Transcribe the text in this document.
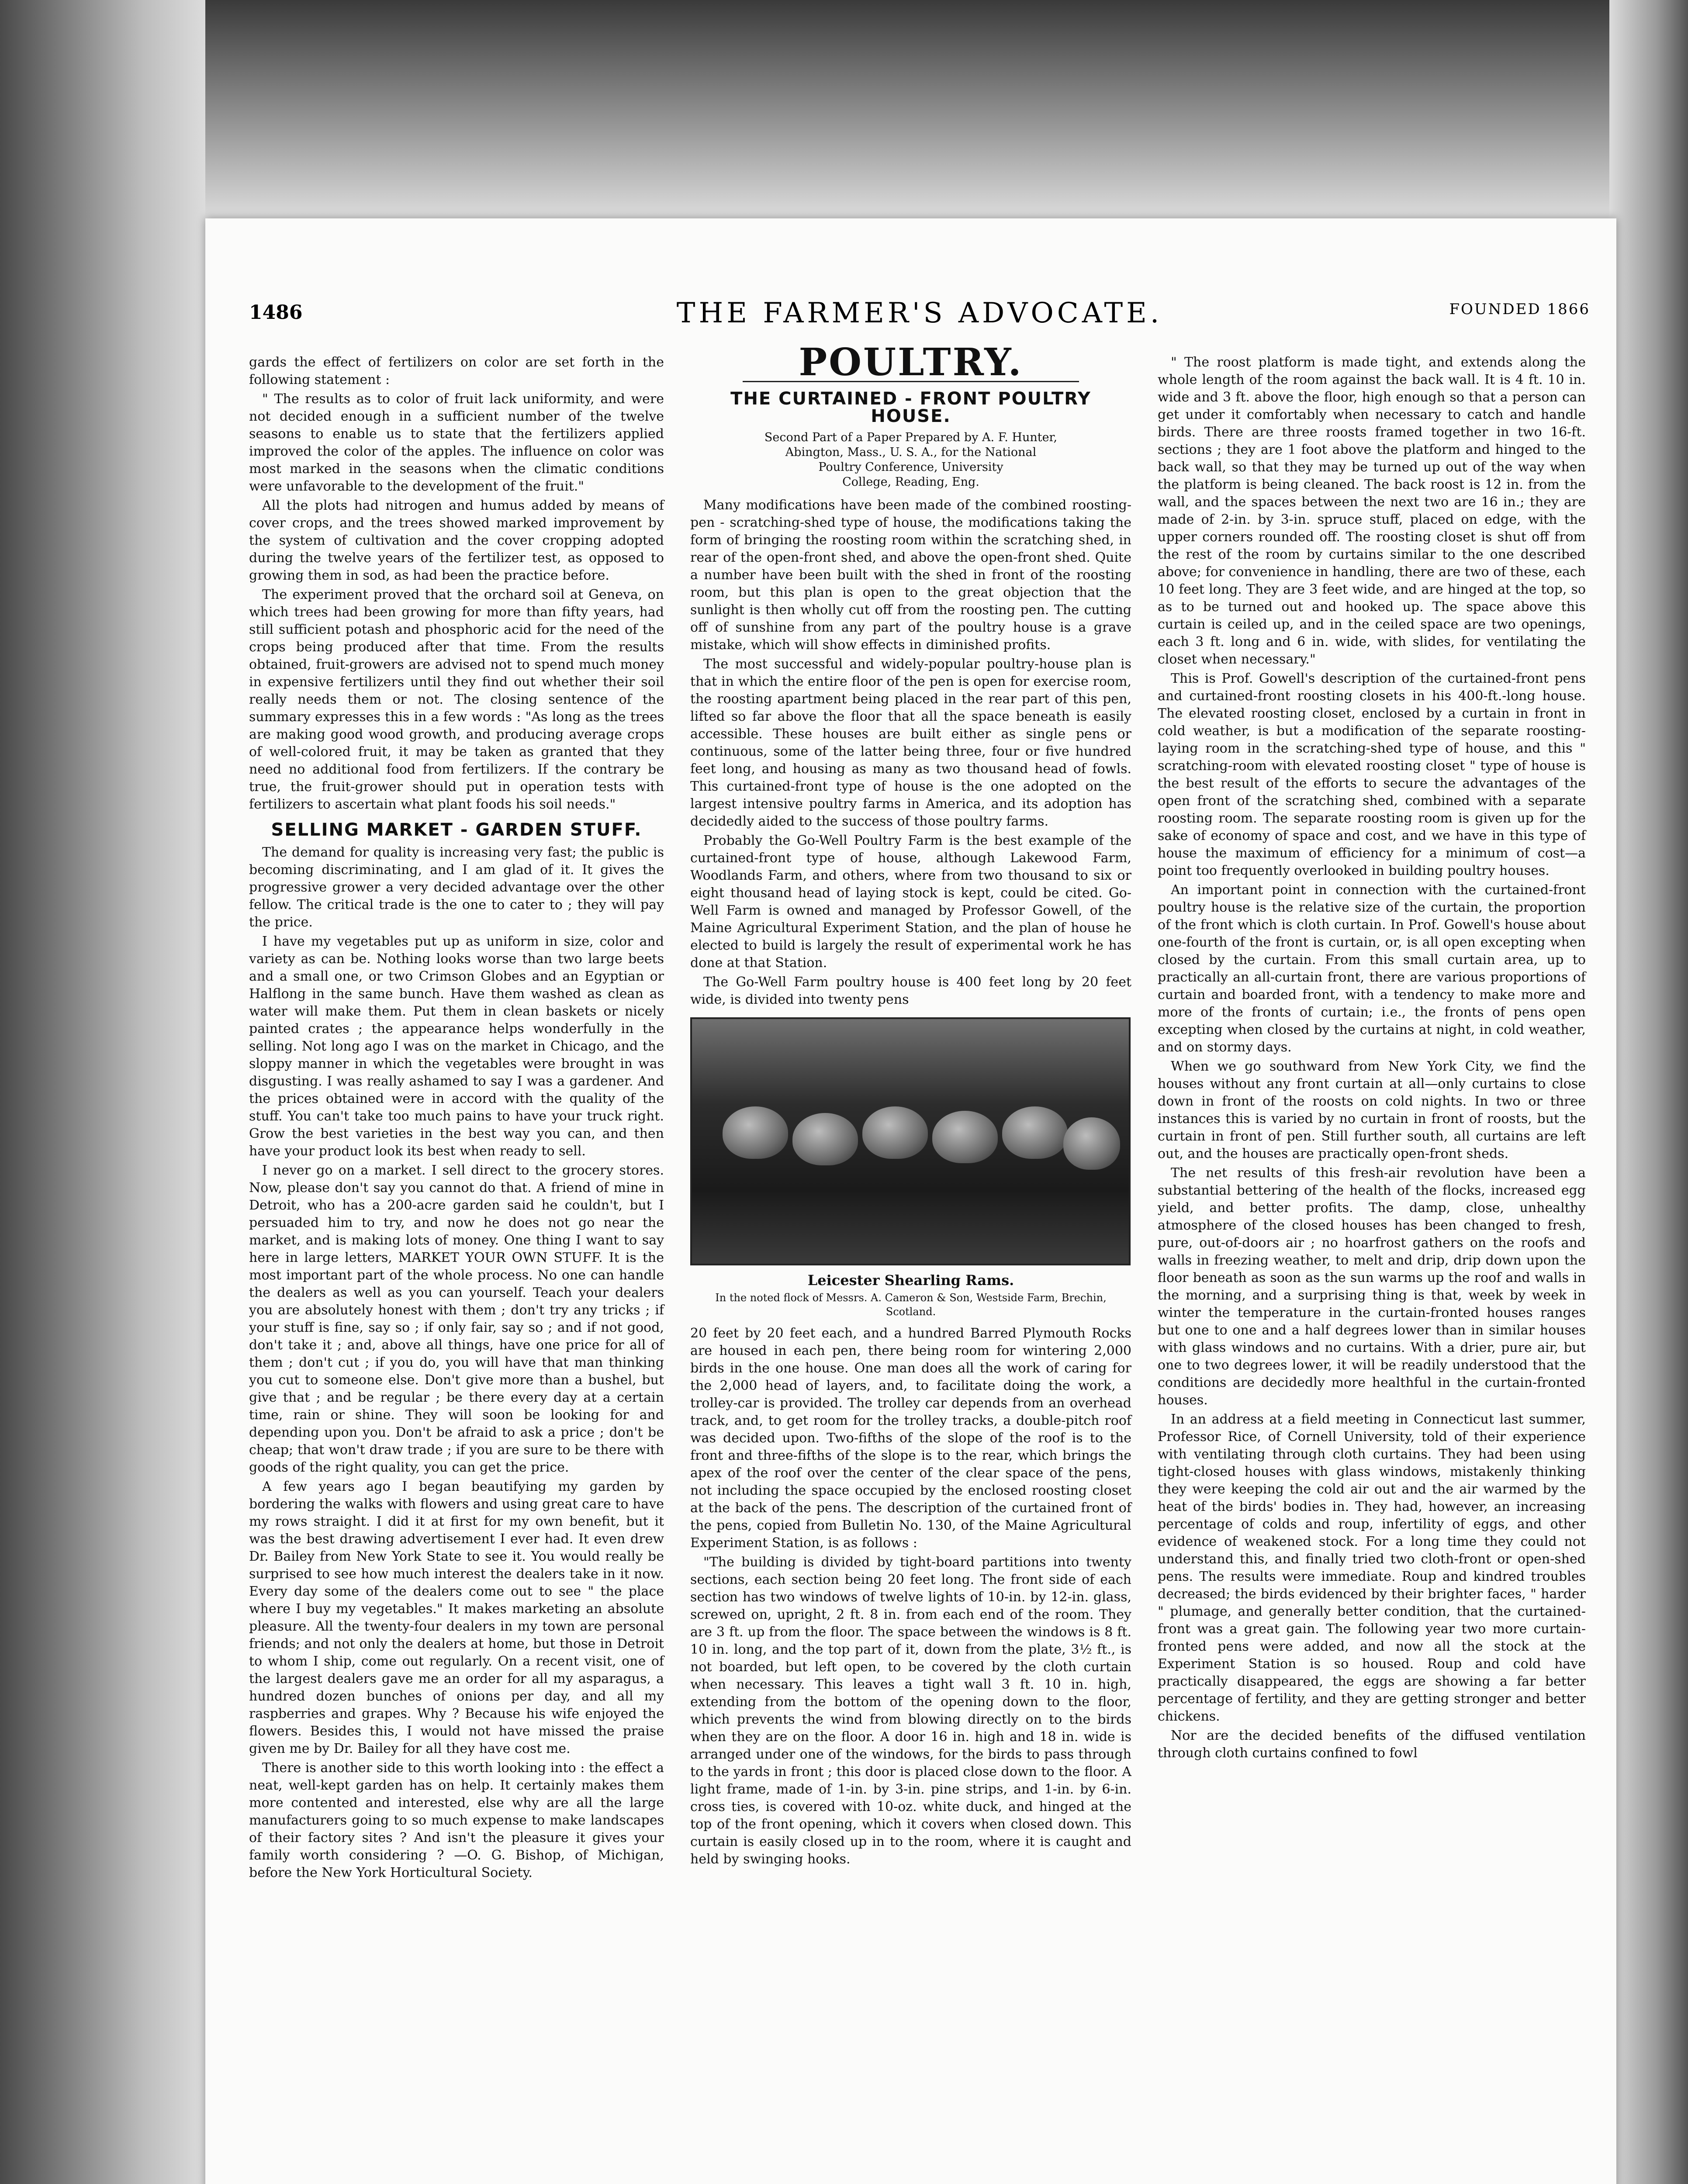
1486	THE FARMER'S ADVOCATE.	FOUNDED 1866

gards the effect of fertilizers on color are set forth in the following statement :

" The results as to color of fruit lack uniformity, and were not decided enough in a sufficient number of the twelve seasons to enable us to state that the fertilizers applied improved the color of the apples. The influence on color was most marked in the seasons when the climatic conditions were unfavorable to the development of the fruit."

All the plots had nitrogen and humus added by means of cover crops, and the trees showed marked improvement by the system of cultivation and the cover cropping adopted during the twelve years of the fertilizer test, as opposed to growing them in sod, as had been the practice before.

The experiment proved that the orchard soil at Geneva, on which trees had been growing for more than fifty years, had still sufficient potash and phosphoric acid for the need of the crops being produced after that time. From the results obtained, fruit-growers are advised not to spend much money in expensive fertilizers until they find out whether their soil really needs them or not. The closing sentence of the summary expresses this in a few words : "As long as the trees are making good wood growth, and producing average crops of well-colored fruit, it may be taken as granted that they need no additional food from fertilizers. If the contrary be true, the fruit-grower should put in operation tests with fertilizers to ascertain what plant foods his soil needs."

SELLING MARKET - GARDEN STUFF.

The demand for quality is increasing very fast; the public is becoming discriminating, and I am glad of it. It gives the progressive grower a very decided advantage over the other fellow. The critical trade is the one to cater to ; they will pay the price.

I have my vegetables put up as uniform in size, color and variety as can be. Nothing looks worse than two large beets and a small one, or two Crimson Globes and an Egyptian or Halflong in the same bunch. Have them washed as clean as water will make them. Put them in clean baskets or nicely painted crates ; the appearance helps wonderfully in the selling. Not long ago I was on the market in Chicago, and the sloppy manner in which the vegetables were brought in was disgusting. I was really ashamed to say I was a gardener. And the prices obtained were in accord with the quality of the stuff. You can't take too much pains to have your truck right. Grow the best varieties in the best way you can, and then have your product look its best when ready to sell.

I never go on a market. I sell direct to the grocery stores. Now, please don't say you cannot do that. A friend of mine in Detroit, who has a 200-acre garden said he couldn't, but I persuaded him to try, and now he does not go near the market, and is making lots of money. One thing I want to say here in large letters, MARKET YOUR OWN STUFF. It is the most important part of the whole process. No one can handle the dealers as well as you can yourself. Teach your dealers you are absolutely honest with them ; don't try any tricks ; if your stuff is fine, say so ; if only fair, say so ; and if not good, don't take it ; and, above all things, have one price for all of them ; don't cut ; if you do, you will have that man thinking you cut to someone else. Don't give more than a bushel, but give that ; and be regular ; be there every day at a certain time, rain or shine. They will soon be looking for and depending upon you. Don't be afraid to ask a price ; don't be cheap; that won't draw trade ; if you are sure to be there with goods of the right quality, you can get the price.

A few years ago I began beautifying my garden by bordering the walks with flowers and using great care to have my rows straight. I did it at first for my own benefit, but it was the best drawing advertisement I ever had. It even drew Dr. Bailey from New York State to see it. You would really be surprised to see how much interest the dealers take in it now. Every day some of the dealers come out to see " the place where I buy my vegetables." It makes marketing an absolute pleasure. All the twenty-four dealers in my town are personal friends; and not only the dealers at home, but those in Detroit to whom I ship, come out regularly. On a recent visit, one of the largest dealers gave me an order for all my asparagus, a hundred dozen bunches of onions per day, and all my raspberries and grapes. Why ? Because his wife enjoyed the flowers. Besides this, I would not have missed the praise given me by Dr. Bailey for all they have cost me.

There is another side to this worth looking into : the effect a neat, well-kept garden has on help. It certainly makes them more contented and interested, else why are all the large manufacturers going to so much expense to make landscapes of their factory sites ? And isn't the pleasure it gives your family worth considering ? —O. G. Bishop, of Michigan, before the New York Horticultural Society.

POULTRY.
THE CURTAINED - FRONT POULTRY HOUSE.
Second Part of a Paper Prepared by A. F. Hunter,
Abington, Mass., U. S. A., for the National
Poultry Conference, University
College, Reading, Eng.

Many modifications have been made of the combined roosting-pen - scratching-shed type of house, the modifications taking the form of bringing the roosting room within the scratching shed, in rear of the open-front shed, and above the open-front shed. Quite a number have been built with the shed in front of the roosting room, but this plan is open to the great objection that the sunlight is then wholly cut off from the roosting pen. The cutting off of sunshine from any part of the poultry house is a grave mistake, which will show effects in diminished profits.

The most successful and widely-popular poultry-house plan is that in which the entire floor of the pen is open for exercise room, the roosting apartment being placed in the rear part of this pen, lifted so far above the floor that all the space beneath is easily accessible. These houses are built either as single pens or continuous, some of the latter being three, four or five hundred feet long, and housing as many as two thousand head of fowls. This curtained-front type of house is the one adopted on the largest intensive poultry farms in America, and its adoption has decidedly aided to the success of those poultry farms.

Probably the Go-Well Poultry Farm is the best example of the curtained-front type of house, although Lakewood Farm, Woodlands Farm, and others, where from two thousand to six or eight thousand head of laying stock is kept, could be cited. Go-Well Farm is owned and managed by Professor Gowell, of the Maine Agricultural Experiment Station, and the plan of house he elected to build is largely the result of experimental work he has done at that Station.

The Go-Well Farm poultry house is 400 feet long by 20 feet wide, is divided into twenty pens

Leicester Shearling Rams.
In the noted flock of Messrs. A. Cameron & Son, Westside Farm, Brechin, Scotland.

20 feet by 20 feet each, and a hundred Barred Plymouth Rocks are housed in each pen, there being room for wintering 2,000 birds in the one house. One man does all the work of caring for the 2,000 head of layers, and, to facilitate doing the work, a trolley-car is provided. The trolley car depends from an overhead track, and, to get room for the trolley tracks, a double-pitch roof was decided upon. Two-fifths of the slope of the roof is to the front and three-fifths of the slope is to the rear, which brings the apex of the roof over the center of the clear space of the pens, not including the space occupied by the enclosed roosting closet at the back of the pens. The description of the curtained front of the pens, copied from Bulletin No. 130, of the Maine Agricultural Experiment Station, is as follows :

"The building is divided by tight-board partitions into twenty sections, each section being 20 feet long. The front side of each section has two windows of twelve lights of 10-in. by 12-in. glass, screwed on, upright, 2 ft. 8 in. from each end of the room. They are 3 ft. up from the floor. The space between the windows is 8 ft. 10 in. long, and the top part of it, down from the plate, 3½ ft., is not boarded, but left open, to be covered by the cloth curtain when necessary. This leaves a tight wall 3 ft. 10 in. high, extending from the bottom of the opening down to the floor, which prevents the wind from blowing directly on to the birds when they are on the floor. A door 16 in. high and 18 in. wide is arranged under one of the windows, for the birds to pass through to the yards in front ; this door is placed close down to the floor. A light frame, made of 1-in. by 3-in. pine strips, and 1-in. by 6-in. cross ties, is covered with 10-oz. white duck, and hinged at the top of the front opening, which it covers when closed down. This curtain is easily closed up in to the room, where it is caught and held by swinging hooks.

" The roost platform is made tight, and extends along the whole length of the room against the back wall. It is 4 ft. 10 in. wide and 3 ft. above the floor, high enough so that a person can get under it comfortably when necessary to catch and handle birds. There are three roosts framed together in two 16-ft. sections ; they are 1 foot above the platform and hinged to the back wall, so that they may be turned up out of the way when the platform is being cleaned. The back roost is 12 in. from the wall, and the spaces between the next two are 16 in.; they are made of 2-in. by 3-in. spruce stuff, placed on edge, with the upper corners rounded off. The roosting closet is shut off from the rest of the room by curtains similar to the one described above; for convenience in handling, there are two of these, each 10 feet long. They are 3 feet wide, and are hinged at the top, so as to be turned out and hooked up. The space above this curtain is ceiled up, and in the ceiled space are two openings, each 3 ft. long and 6 in. wide, with slides, for ventilating the closet when necessary."

This is Prof. Gowell's description of the curtained-front pens and curtained-front roosting closets in his 400-ft.-long house. The elevated roosting closet, enclosed by a curtain in front in cold weather, is but a modification of the separate roosting-laying room in the scratching-shed type of house, and this " scratching-room with elevated roosting closet " type of house is the best result of the efforts to secure the advantages of the open front of the scratching shed, combined with a separate roosting room. The separate roosting room is given up for the sake of economy of space and cost, and we have in this type of house the maximum of efficiency for a minimum of cost—a point too frequently overlooked in building poultry houses.

An important point in connection with the curtained-front poultry house is the relative size of the curtain, the proportion of the front which is cloth curtain. In Prof. Gowell's house about one-fourth of the front is curtain, or, is all open excepting when closed by the curtain. From this small curtain area, up to practically an all-curtain front, there are various proportions of curtain and boarded front, with a tendency to make more and more of the fronts of curtain; i.e., the fronts of pens open excepting when closed by the curtains at night, in cold weather, and on stormy days.

When we go southward from New York City, we find the houses without any front curtain at all—only curtains to close down in front of the roosts on cold nights. In two or three instances this is varied by no curtain in front of roosts, but the curtain in front of pen. Still further south, all curtains are left out, and the houses are practically open-front sheds.

The net results of this fresh-air revolution have been a substantial bettering of the health of the flocks, increased egg yield, and better profits. The damp, close, unhealthy atmosphere of the closed houses has been changed to fresh, pure, out-of-doors air ; no hoarfrost gathers on the roofs and walls in freezing weather, to melt and drip, drip down upon the floor beneath as soon as the sun warms up the roof and walls in the morning, and a surprising thing is that, week by week in winter the temperature in the curtain-fronted houses ranges but one to one and a half degrees lower than in similar houses with glass windows and no curtains. With a drier, pure air, but one to two degrees lower, it will be readily understood that the conditions are decidedly more healthful in the curtain-fronted houses.

In an address at a field meeting in Connecticut last summer, Professor Rice, of Cornell University, told of their experience with ventilating through cloth curtains. They had been using tight-closed houses with glass windows, mistakenly thinking they were keeping the cold air out and the air warmed by the heat of the birds' bodies in. They had, however, an increasing percentage of colds and roup, infertility of eggs, and other evidence of weakened stock. For a long time they could not understand this, and finally tried two cloth-front or open-shed pens. The results were immediate. Roup and kindred troubles decreased; the birds evidenced by their brighter faces, " harder " plumage, and generally better condition, that the curtained-front was a great gain. The following year two more curtain-fronted pens were added, and now all the stock at the Experiment Station is so housed. Roup and cold have practically disappeared, the eggs are showing a far better percentage of fertility, and they are getting stronger and better chickens.

Nor are the decided benefits of the diffused ventilation through cloth curtains confined to fowl
